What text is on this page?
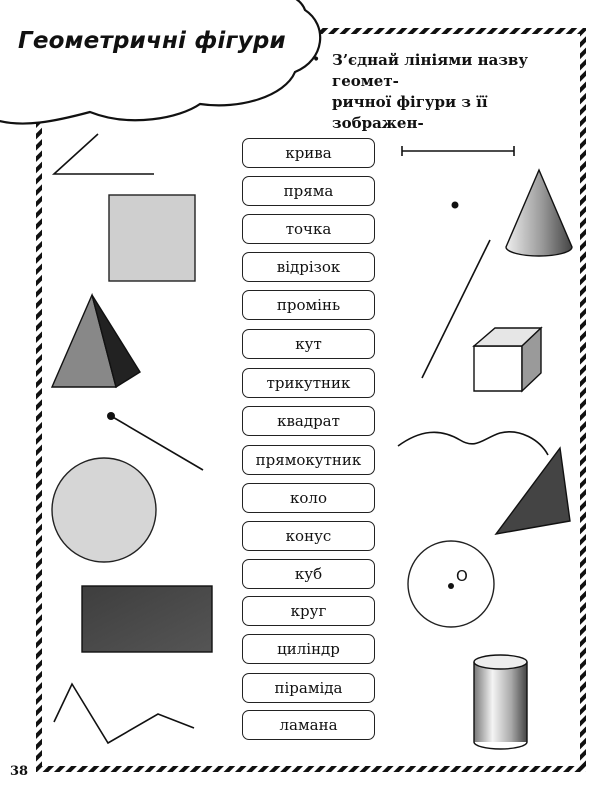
Геометричні фігури
• З’єднай лініями назву геомет-
ричної фігури з її зображен-
крива
пряма
точка
відрізок
промінь
кут
трикутник
квадрат
прямокутник
коло
конус
куб
круг
циліндр
піраміда
ламана
O
38
